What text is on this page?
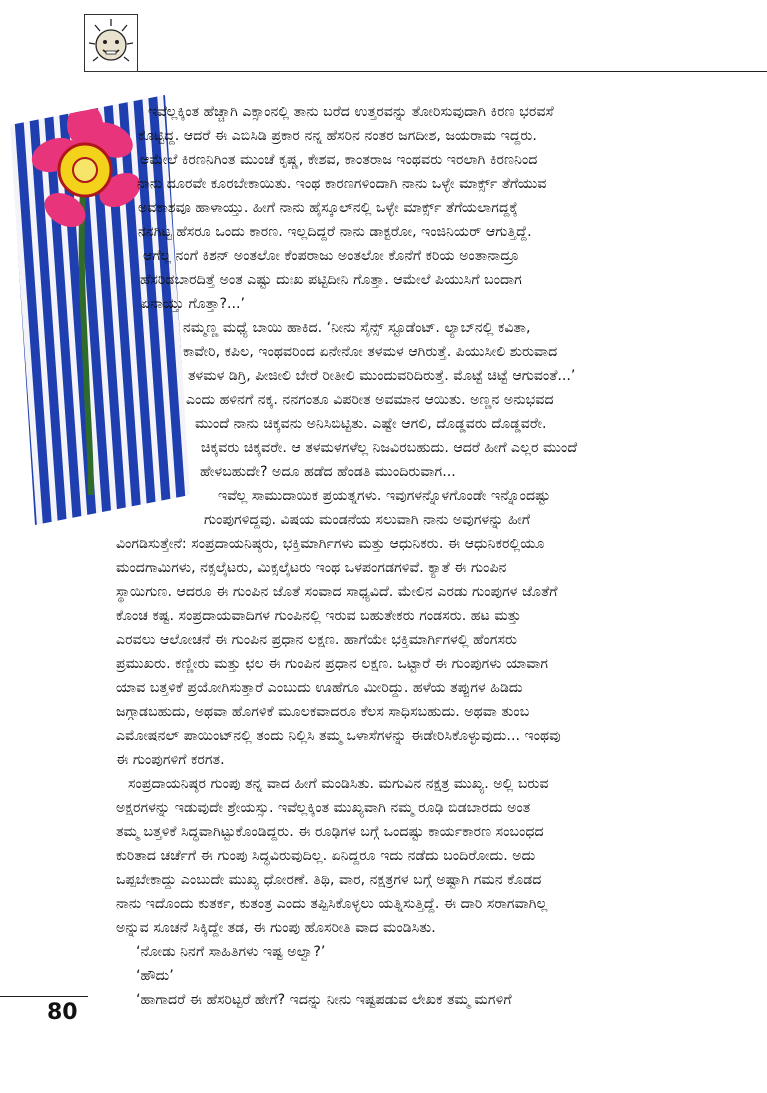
ಇವೆಲ್ಲಕ್ಕಿಂತ ಹೆಚ್ಚಾಗಿ ಎಕ್ಸಾಂನಲ್ಲಿ ತಾನು ಬರೆದ ಉತ್ತರವನ್ನು ತೋರಿಸುವುದಾಗಿ ಕಿರಣ ಭರವಸೆ
ಕೊಟ್ಟಿದ್ದ. ಆದರೆ ಈ ಎಬಿಸಿಡಿ ಪ್ರಕಾರ ನನ್ನ ಹೆಸರಿನ ನಂತರ ಜಗದೀಶ, ಜಯರಾಮ ಇದ್ದರು.
ಆಮೇಲೆ ಕಿರಣನಿಗಿಂತ ಮುಂಚೆ ಕೃಷ್ಣ, ಕೇಶವ, ಕಾಂತರಾಜ ಇಂಥವರು ಇರಲಾಗಿ ಕಿರಣನಿಂದ
ನಾನು ದೂರವೇ ಕೂರಬೇಕಾಯಿತು. ಇಂಥ ಕಾರಣಗಳಿಂದಾಗಿ ನಾನು ಒಳ್ಳೇ ಮಾರ್ಕ್ಸ್ ತೆಗೆಯುವ
ಅವಕಾಶವೂ ಹಾಳಾಯ್ತು. ಹೀಗೆ ನಾನು ಹೈಸ್ಕೂಲ್‌ನಲ್ಲಿ ಒಳ್ಳೇ ಮಾರ್ಕ್ಸ್ ತೆಗೆಯಲಾಗದ್ದಕ್ಕೆ
ನನಗಿಟ್ಟ ಹೆಸರೂ ಒಂದು ಕಾರಣ. ಇಲ್ಲದಿದ್ದರೆ ನಾನು ಡಾಕ್ಟರೋ, ಇಂಜಿನಿಯರ್ ಆಗುತ್ತಿದ್ದೆ.
ಆಗೆಲ್ಲ ನಂಗೆ ಕಿಶನ್ ಅಂತಲೋ ಕೆಂಪರಾಜು ಅಂತಲೋ ಕೊನೆಗೆ ಕರಿಯ ಅಂತಾನಾದ್ರೂ
ಹೆಸರಿಡಬಾರದಿತ್ತೆ ಅಂತ ಎಷ್ಟು ದುಃಖ ಪಟ್ಟಿದೀನಿ ಗೊತ್ತಾ. ಆಮೇಲೆ ಪಿಯುಸಿಗೆ ಬಂದಾಗ
ಏನಾಯ್ತು ಗೊತ್ತಾ?...’
ನಮ್ಮಣ್ಣ ಮಧ್ಯೆ ಬಾಯಿ ಹಾಕಿದ. ‘ನೀನು ಸೈನ್ಸ್ ಸ್ಟೂಡೆಂಟ್. ಲ್ಯಾಬ್‌ನಲ್ಲಿ ಕವಿತಾ,
ಕಾವೇರಿ, ಕಪಿಲ, ಇಂಥವರಿಂದ ಏನೇನೋ ತಳಮಳ ಆಗಿರುತ್ತೆ. ಪಿಯುಸೀಲಿ ಶುರುವಾದ
ತಳಮಳ ಡಿಗ್ರಿ, ಪೀಜೀಲಿ ಬೇರೆ ರೀತೀಲಿ ಮುಂದುವರಿದಿರುತ್ತೆ. ಮೊಟ್ಟೆ ಚಿಟ್ಟೆ ಆಗುವಂತೆ...’
ಎಂದು ಹಳಿನಗೆ ನಕ್ಕ. ನನಗಂತೂ ವಿಪರೀತ ಅವಮಾನ ಆಯಿತು. ಅಣ್ಣನ ಅನುಭವದ
ಮುಂದೆ ನಾನು ಚಿಕ್ಕವನು ಅನಿಸಿಬಿಟ್ಟಿತು. ಎಷ್ಟೇ ಆಗಲಿ, ದೊಡ್ಡವರು ದೊಡ್ಡವರೇ.
ಚಿಕ್ಕವರು ಚಿಕ್ಕವರೇ. ಆ ತಳಮಳಗಳೆಲ್ಲ ನಿಜವಿರಬಹುದು. ಆದರೆ ಹೀಗೆ ಎಲ್ಲರ ಮುಂದೆ
ಹೇಳಬಹುದೇ? ಅದೂ ಹಡೆದ ಹೆಂಡತಿ ಮುಂದಿರುವಾಗ...
ಇವೆಲ್ಲ ಸಾಮುದಾಯಿಕ ಪ್ರಯತ್ನಗಳು. ಇವುಗಳನ್ನೊಳಗೊಂಡೇ ಇನ್ನೊಂದಷ್ಟು
ಗುಂಪುಗಳಿದ್ದವು. ವಿಷಯ ಮಂಡನೆಯ ಸಲುವಾಗಿ ನಾನು ಅವುಗಳನ್ನು ಹೀಗೆ
ವಿಂಗಡಿಸುತ್ತೇನೆ: ಸಂಪ್ರದಾಯನಿಷ್ಠರು, ಭಕ್ತಿಮಾರ್ಗಿಗಳು ಮತ್ತು ಆಧುನಿಕರು. ಈ ಆಧುನಿಕರಲ್ಲಿಯೂ
ಮಂದಗಾಮಿಗಳು, ನಕ್ಸಲೈಟರು, ಮಿಕ್ಸಲೈಟರು ಇಂಥ ಒಳಪಂಗಡಗಳಿವೆ. ಕ್ಯಾತೆ ಈ ಗುಂಪಿನ
ಸ್ಥಾಯಿಗುಣ. ಆದರೂ ಈ ಗುಂಪಿನ ಜೊತೆ ಸಂವಾದ ಸಾಧ್ಯವಿದೆ. ಮೇಲಿನ ಎರಡು ಗುಂಪುಗಳ ಜೊತೆಗೆ
ಕೊಂಚ ಕಷ್ಟ. ಸಂಪ್ರದಾಯವಾದಿಗಳ ಗುಂಪಿನಲ್ಲಿ ಇರುವ ಬಹುತೇಕರು ಗಂಡಸರು. ಹಟ ಮತ್ತು
ಎರವಲು ಆಲೋಚನೆ ಈ ಗುಂಪಿನ ಪ್ರಧಾನ ಲಕ್ಷಣ. ಹಾಗೆಯೇ ಭಕ್ತಿಮಾರ್ಗಿಗಳಲ್ಲಿ ಹೆಂಗಸರು
ಪ್ರಮುಖರು. ಕಣ್ಣೀರು ಮತ್ತು ಛಲ ಈ ಗುಂಪಿನ ಪ್ರಧಾನ ಲಕ್ಷಣ. ಒಟ್ಟಾರೆ ಈ ಗುಂಪುಗಳು ಯಾವಾಗ
ಯಾವ ಬತ್ತಳಿಕೆ ಪ್ರಯೋಗಿಸುತ್ತಾರೆ ಎಂಬುದು ಊಹೆಗೂ ಮೀರಿದ್ದು. ಹಳೆಯ ತಪ್ಪುಗಳ ಹಿಡಿದು
ಜಗ್ಗಾಡಬಹುದು, ಅಥವಾ ಹೊಗಳಿಕೆ ಮೂಲಕವಾದರೂ ಕೆಲಸ ಸಾಧಿಸಬಹುದು. ಅಥವಾ ತುಂಬ
ಎಮೋಷನಲ್ ಪಾಯಿಂಟ್‌ನಲ್ಲಿ ತಂದು ನಿಲ್ಲಿಸಿ ತಮ್ಮ ಒಳಾಸೆಗಳನ್ನು ಈಡೇರಿಸಿಕೊಳ್ಳುವುದು... ಇಂಥವು
ಈ ಗುಂಪುಗಳಿಗೆ ಕರಗತ.
ಸಂಪ್ರದಾಯನಿಷ್ಠರ ಗುಂಪು ತನ್ನ ವಾದ ಹೀಗೆ ಮಂಡಿಸಿತು. ಮಗುವಿನ ನಕ್ಷತ್ರ ಮುಖ್ಯ. ಅಲ್ಲಿ ಬರುವ
ಅಕ್ಷರಗಳನ್ನು ಇಡುವುದೇ ಶ್ರೇಯಸ್ಸು. ಇವೆಲ್ಲಕ್ಕಿಂತ ಮುಖ್ಯವಾಗಿ ನಮ್ಮ ರೂಢಿ ಬಿಡಬಾರದು ಅಂತ
ತಮ್ಮ ಬತ್ತಳಿಕೆ ಸಿದ್ಧವಾಗಿಟ್ಟುಕೊಂಡಿದ್ದರು. ಈ ರೂಢಿಗಳ ಬಗ್ಗೆ ಒಂದಷ್ಟು ಕಾರ್ಯಕಾರಣ ಸಂಬಂಧದ
ಕುರಿತಾದ ಚರ್ಚೆಗೆ ಈ ಗುಂಪು ಸಿದ್ಧವಿರುವುದಿಲ್ಲ. ಏನಿದ್ದರೂ ಇದು ನಡೆದು ಬಂದಿರೋದು. ಅದು
ಒಪ್ಪಬೇಕಾದ್ದು ಎಂಬುದೇ ಮುಖ್ಯ ಧೋರಣೆ. ತಿಥಿ, ವಾರ, ನಕ್ಷತ್ರಗಳ ಬಗ್ಗೆ ಅಷ್ಟಾಗಿ ಗಮನ ಕೊಡದ
ನಾನು ಇದೊಂದು ಕುತರ್ಕ, ಕುತಂತ್ರ ಎಂದು ತಪ್ಪಿಸಿಕೊಳ್ಳಲು ಯತ್ನಿಸುತ್ತಿದ್ದೆ. ಈ ದಾರಿ ಸರಾಗವಾಗಿಲ್ಲ
ಅನ್ನುವ ಸೂಚನೆ ಸಿಕ್ಕಿದ್ದೇ ತಡ, ಈ ಗುಂಪು ಹೊಸರೀತಿ ವಾದ ಮಂಡಿಸಿತು.
‘ನೋಡು ನಿನಗೆ ಸಾಹಿತಿಗಳು ಇಷ್ಟ ಅಲ್ವಾ?’
‘ಹೌದು’
‘ಹಾಗಾದರೆ ಈ ಹೆಸರಿಟ್ಟರೆ ಹೇಗೆ? ಇದನ್ನು ನೀನು ಇಷ್ಟಪಡುವ ಲೇಖಕ ತಮ್ಮ ಮಗಳಿಗೆ
80
